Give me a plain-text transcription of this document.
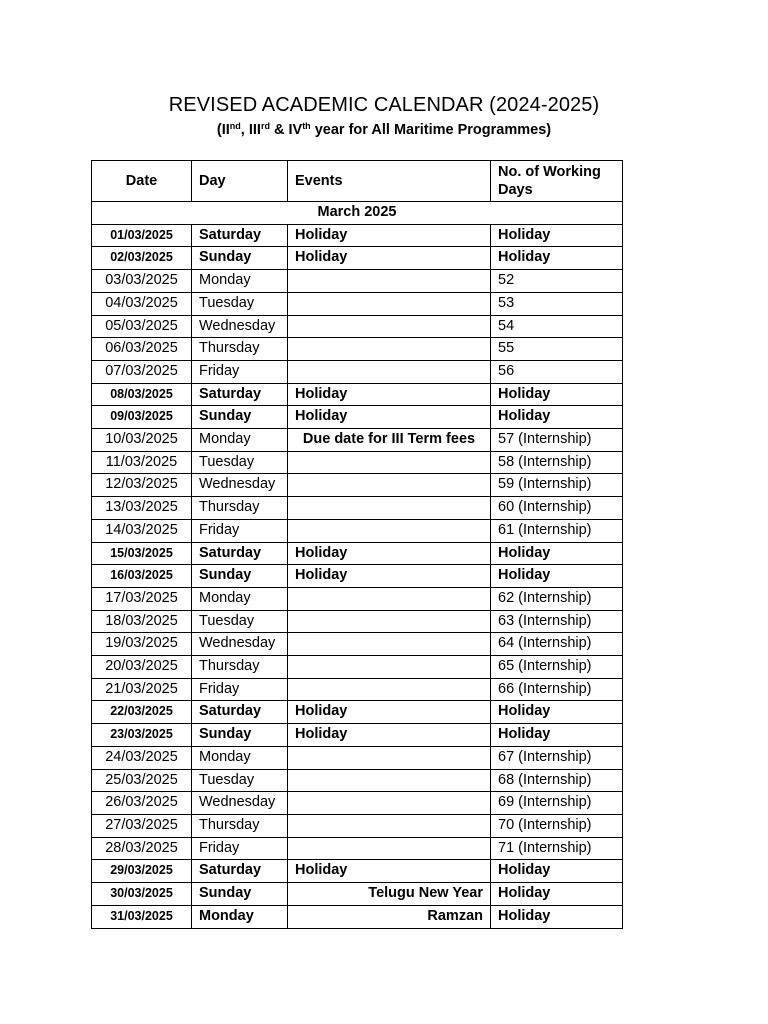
REVISED ACADEMIC CALENDAR (2024-2025)
(IInd, IIIrd & IVth year for All Maritime Programmes)
Date	Day	Events	No. of Working Days
March 2025			
01/03/2025	Saturday	Holiday	Holiday
02/03/2025	Sunday	Holiday	Holiday
03/03/2025	Monday		52
04/03/2025	Tuesday		53
05/03/2025	Wednesday		54
06/03/2025	Thursday		55
07/03/2025	Friday		56
08/03/2025	Saturday	Holiday	Holiday
09/03/2025	Sunday	Holiday	Holiday
10/03/2025	Monday	Due date for III Term fees	57 (Internship)
11/03/2025	Tuesday		58 (Internship)
12/03/2025	Wednesday		59 (Internship)
13/03/2025	Thursday		60 (Internship)
14/03/2025	Friday		61 (Internship)
15/03/2025	Saturday	Holiday	Holiday
16/03/2025	Sunday	Holiday	Holiday
17/03/2025	Monday		62 (Internship)
18/03/2025	Tuesday		63 (Internship)
19/03/2025	Wednesday		64 (Internship)
20/03/2025	Thursday		65 (Internship)
21/03/2025	Friday		66 (Internship)
22/03/2025	Saturday	Holiday	Holiday
23/03/2025	Sunday	Holiday	Holiday
24/03/2025	Monday		67 (Internship)
25/03/2025	Tuesday		68 (Internship)
26/03/2025	Wednesday		69 (Internship)
27/03/2025	Thursday		70 (Internship)
28/03/2025	Friday		71 (Internship)
29/03/2025	Saturday	Holiday	Holiday
30/03/2025	Sunday	Telugu New Year	Holiday
31/03/2025	Monday	Ramzan	Holiday
